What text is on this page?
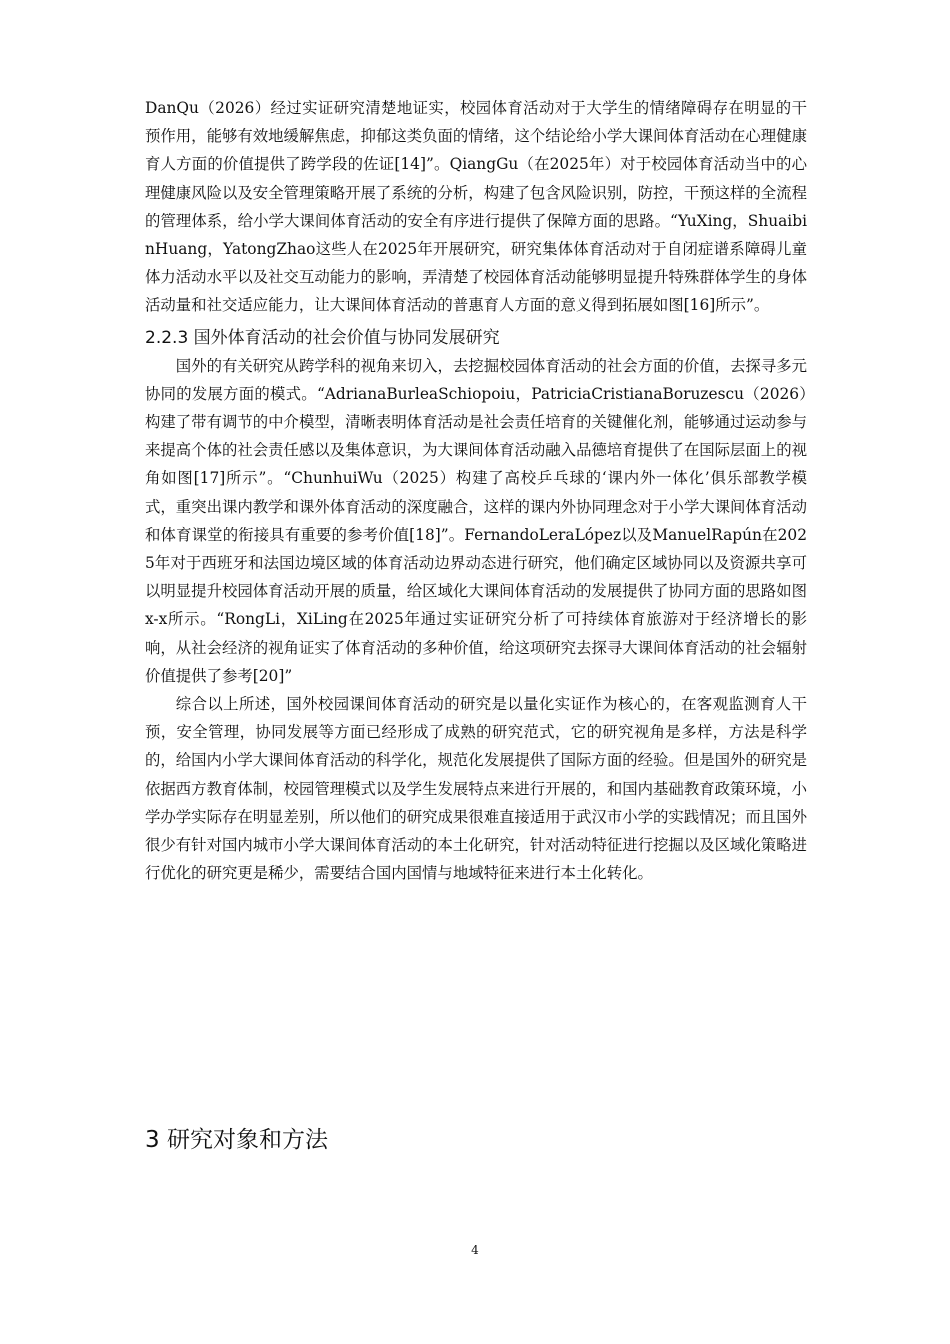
DanQu（2026）经过实证研究清楚地证实，校园体育活动对于大学生的情绪障碍存在明显的干预作用，能够有效地缓解焦虑，抑郁这类负面的情绪，这个结论给小学大课间体育活动在心理健康育人方面的价值提供了跨学段的佐证[14]”。QiangGu（在2025年）对于校园体育活动当中的心理健康风险以及安全管理策略开展了系统的分析，构建了包含风险识别，防控，干预这样的全流程的管理体系，给小学大课间体育活动的安全有序进行提供了保障方面的思路。“YuXing，ShuaibinHuang，YatongZhao这些人在2025年开展研究，研究集体体育活动对于自闭症谱系障碍儿童体力活动水平以及社交互动能力的影响，弄清楚了校园体育活动能够明显提升特殊群体学生的身体活动量和社交适应能力，让大课间体育活动的普惠育人方面的意义得到拓展如图[16]所示”。

2.2.3 国外体育活动的社会价值与协同发展研究

国外的有关研究从跨学科的视角来切入，去挖掘校园体育活动的社会方面的价值，去探寻多元协同的发展方面的模式。“AdrianaBurleaSchiopoiu，PatriciaCristianaBoruzescu（2026）构建了带有调节的中介模型，清晰表明体育活动是社会责任培育的关键催化剂，能够通过运动参与来提高个体的社会责任感以及集体意识，为大课间体育活动融入品德培育提供了在国际层面上的视角如图[17]所示”。“ChunhuiWu（2025）构建了高校乒乓球的‘课内外一体化’俱乐部教学模式，重突出课内教学和课外体育活动的深度融合，这样的课内外协同理念对于小学大课间体育活动和体育课堂的衔接具有重要的参考价值[18]”。FernandoLeraLópez以及ManuelRapún在2025年对于西班牙和法国边境区域的体育活动边界动态进行研究，他们确定区域协同以及资源共享可以明显提升校园体育活动开展的质量，给区域化大课间体育活动的发展提供了协同方面的思路如图x-x所示。“RongLi，XiLing在2025年通过实证研究分析了可持续体育旅游对于经济增长的影响，从社会经济的视角证实了体育活动的多种价值，给这项研究去探寻大课间体育活动的社会辐射价值提供了参考[20]”

综合以上所述，国外校园课间体育活动的研究是以量化实证作为核心的，在客观监测育人干预，安全管理，协同发展等方面已经形成了成熟的研究范式，它的研究视角是多样，方法是科学的，给国内小学大课间体育活动的科学化，规范化发展提供了国际方面的经验。但是国外的研究是依据西方教育体制，校园管理模式以及学生发展特点来进行开展的，和国内基础教育政策环境，小学办学实际存在明显差别，所以他们的研究成果很难直接适用于武汉市小学的实践情况；而且国外很少有针对国内城市小学大课间体育活动的本土化研究，针对活动特征进行挖掘以及区域化策略进行优化的研究更是稀少，需要结合国内国情与地域特征来进行本土化转化。

3 研究对象和方法
4
